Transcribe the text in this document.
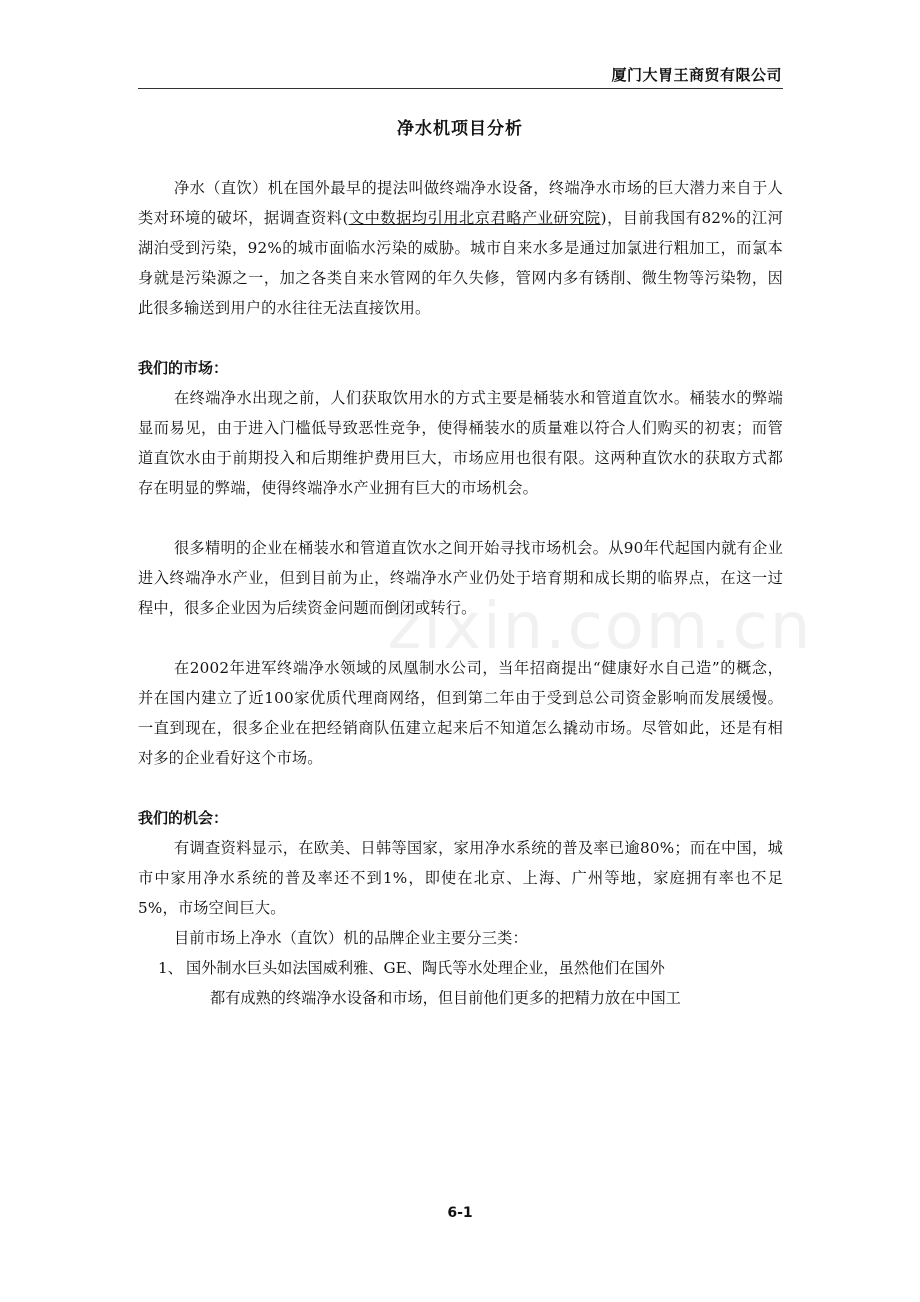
厦门大胃王商贸有限公司
净水机项目分析
zixin.com.cn

净水（直饮）机在国外最早的提法叫做终端净水设备，终端净水市场的巨大潜力来自于人类对环境的破坏，据调查资料(文中数据均引用北京君略产业研究院)，目前我国有82%的江河湖泊受到污染，92%的城市面临水污染的威胁。城市自来水多是通过加氯进行粗加工，而氯本身就是污染源之一，加之各类自来水管网的年久失修，管网内多有锈削、微生物等污染物，因此很多输送到用户的水往往无法直接饮用。

我们的市场：

在终端净水出现之前，人们获取饮用水的方式主要是桶装水和管道直饮水。桶装水的弊端显而易见，由于进入门槛低导致恶性竞争，使得桶装水的质量难以符合人们购买的初衷；而管道直饮水由于前期投入和后期维护费用巨大，市场应用也很有限。这两种直饮水的获取方式都存在明显的弊端，使得终端净水产业拥有巨大的市场机会。

很多精明的企业在桶装水和管道直饮水之间开始寻找市场机会。从90年代起国内就有企业进入终端净水产业，但到目前为止，终端净水产业仍处于培育期和成长期的临界点，在这一过程中，很多企业因为后续资金问题而倒闭或转行。

在2002年进军终端净水领域的凤凰制水公司，当年招商提出“健康好水自己造”的概念，并在国内建立了近100家优质代理商网络，但到第二年由于受到总公司资金影响而发展缓慢。一直到现在，很多企业在把经销商队伍建立起来后不知道怎么撬动市场。尽管如此，还是有相对多的企业看好这个市场。

我们的机会：

有调查资料显示，在欧美、日韩等国家，家用净水系统的普及率已逾80%；而在中国，城市中家用净水系统的普及率还不到1%，即使在北京、上海、广州等地，家庭拥有率也不足5%，市场空间巨大。

目前市场上净水（直饮）机的品牌企业主要分三类：

1、 国外制水巨头如法国威利雅、GE、陶氏等水处理企业，虽然他们在国外
都有成熟的终端净水设备和市场，但目前他们更多的把精力放在中国工
6-1
